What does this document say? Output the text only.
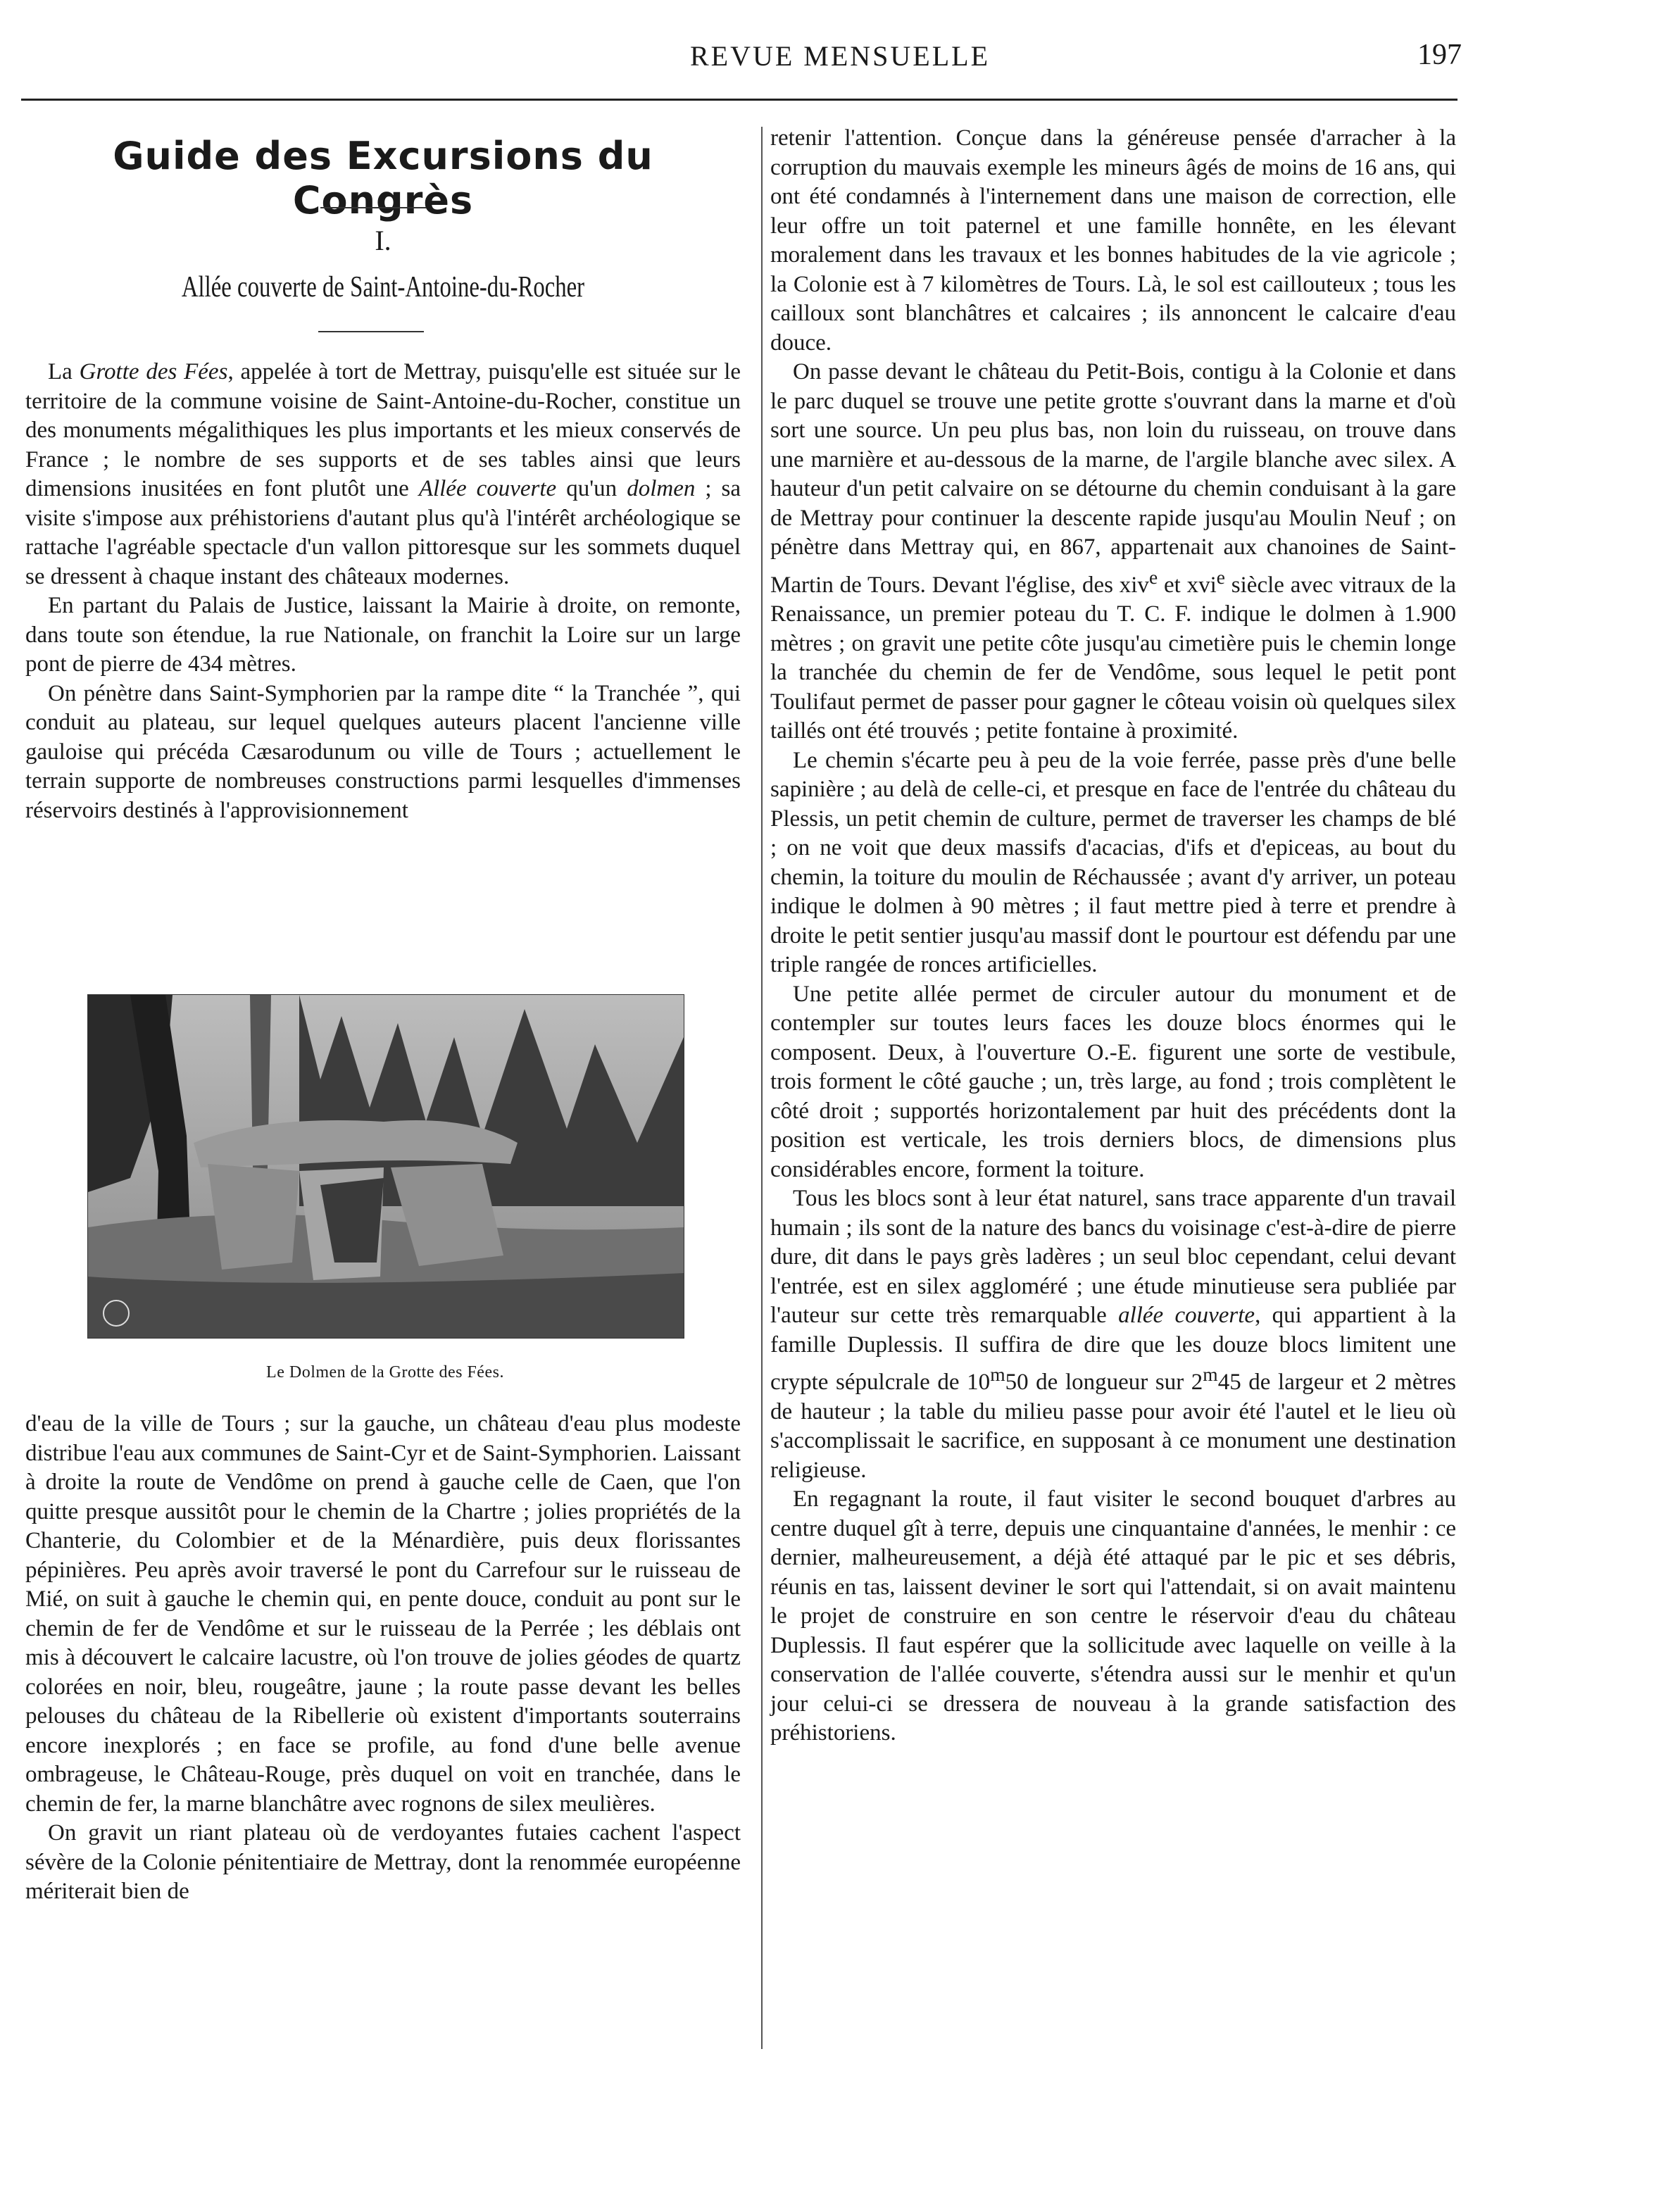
REVUE MENSUELLE	197
Guide des Excursions du Congrès
I.
Allée couverte de Saint-Antoine-du-Rocher

La Grotte des Fées, appelée à tort de Mettray, puisqu'elle est située sur le territoire de la commune voisine de Saint-Antoine-du-Rocher, constitue un des monuments mégalithiques les plus importants et les mieux conservés de France ; le nombre de ses supports et de ses tables ainsi que leurs dimensions inusitées en font plutôt une Allée couverte qu'un dolmen ; sa visite s'impose aux préhistoriens d'autant plus qu'à l'intérêt archéologique se rattache l'agréable spectacle d'un vallon pittoresque sur les sommets duquel se dressent à chaque instant des châteaux modernes.

En partant du Palais de Justice, laissant la Mairie à droite, on remonte, dans toute son étendue, la rue Nationale, on franchit la Loire sur un large pont de pierre de 434 mètres.

On pénètre dans Saint-Symphorien par la rampe dite “ la Tranchée ”, qui conduit au plateau, sur lequel quelques auteurs placent l'ancienne ville gauloise qui précéda Cæsarodunum ou ville de Tours ; actuellement le terrain supporte de nombreuses constructions parmi lesquelles d'immenses réservoirs destinés à l'approvisionnement

Le Dolmen de la Grotte des Fées.

d'eau de la ville de Tours ; sur la gauche, un château d'eau plus modeste distribue l'eau aux communes de Saint-Cyr et de Saint-Symphorien. Laissant à droite la route de Vendôme on prend à gauche celle de Caen, que l'on quitte presque aussitôt pour le chemin de la Chartre ; jolies propriétés de la Chanterie, du Colombier et de la Ménardière, puis deux florissantes pépinières. Peu après avoir traversé le pont du Carrefour sur le ruisseau de Mié, on suit à gauche le chemin qui, en pente douce, conduit au pont sur le chemin de fer de Vendôme et sur le ruisseau de la Perrée ; les déblais ont mis à découvert le calcaire lacustre, où l'on trouve de jolies géodes de quartz colorées en noir, bleu, rougeâtre, jaune ; la route passe devant les belles pelouses du château de la Ribellerie où existent d'importants souterrains encore inexplorés ; en face se profile, au fond d'une belle avenue ombrageuse, le Château-Rouge, près duquel on voit en tranchée, dans le chemin de fer, la marne blanchâtre avec rognons de silex meulières.

On gravit un riant plateau où de verdoyantes futaies cachent l'aspect sévère de la Colonie pénitentiaire de Mettray, dont la renommée européenne mériterait bien de

retenir l'attention. Conçue dans la généreuse pensée d'arracher à la corruption du mauvais exemple les mineurs âgés de moins de 16 ans, qui ont été condamnés à l'internement dans une maison de correction, elle leur offre un toit paternel et une famille honnête, en les élevant moralement dans les travaux et les bonnes habitudes de la vie agricole ; la Colonie est à 7 kilomètres de Tours. Là, le sol est caillouteux ; tous les cailloux sont blanchâtres et calcaires ; ils annoncent le calcaire d'eau douce.

On passe devant le château du Petit-Bois, contigu à la Colonie et dans le parc duquel se trouve une petite grotte s'ouvrant dans la marne et d'où sort une source. Un peu plus bas, non loin du ruisseau, on trouve dans une marnière et au-dessous de la marne, de l'argile blanche avec silex. A hauteur d'un petit calvaire on se détourne du chemin conduisant à la gare de Mettray pour continuer la descente rapide jusqu'au Moulin Neuf ; on pénètre dans Mettray qui, en 867, appartenait aux chanoines de Saint-Martin de Tours. Devant l'église, des xiv$^e$ et xvi$^e$ siècle avec vitraux de la Renaissance, un premier poteau du T. C. F. indique le dolmen à 1.900 mètres ; on gravit une petite côte jusqu'au cimetière puis le chemin longe la tranchée du chemin de fer de Vendôme, sous lequel le petit pont Toulifaut permet de passer pour gagner le côteau voisin où quelques silex taillés ont été trouvés ; petite fontaine à proximité.

Le chemin s'écarte peu à peu de la voie ferrée, passe près d'une belle sapinière ; au delà de celle-ci, et presque en face de l'entrée du château du Plessis, un petit chemin de culture, permet de traverser les champs de blé ; on ne voit que deux massifs d'acacias, d'ifs et d'epiceas, au bout du chemin, la toiture du moulin de Réchaussée ; avant d'y arriver, un poteau indique le dolmen à 90 mètres ; il faut mettre pied à terre et prendre à droite le petit sentier jusqu'au massif dont le pourtour est défendu par une triple rangée de ronces artificielles.

Une petite allée permet de circuler autour du monument et de contempler sur toutes leurs faces les douze blocs énormes qui le composent. Deux, à l'ouverture O.-E. figurent une sorte de vestibule, trois forment le côté gauche ; un, très large, au fond ; trois complètent le côté droit ; supportés horizontalement par huit des précédents dont la position est verticale, les trois derniers blocs, de dimensions plus considérables encore, forment la toiture.

Tous les blocs sont à leur état naturel, sans trace apparente d'un travail humain ; ils sont de la nature des bancs du voisinage c'est-à-dire de pierre dure, dit dans le pays grès ladères ; un seul bloc cependant, celui devant l'entrée, est en silex aggloméré ; une étude minutieuse sera publiée par l'auteur sur cette très remarquable allée couverte, qui appartient à la famille Duplessis. Il suffira de dire que les douze blocs limitent une crypte sépulcrale de 10$^m$50 de longueur sur 2$^m$45 de largeur et 2 mètres de hauteur ; la table du milieu passe pour avoir été l'autel et le lieu où s'accomplissait le sacrifice, en supposant à ce monument une destination religieuse.

En regagnant la route, il faut visiter le second bouquet d'arbres au centre duquel gît à terre, depuis une cinquantaine d'années, le menhir : ce dernier, malheureusement, a déjà été attaqué par le pic et ses débris, réunis en tas, laissent deviner le sort qui l'attendait, si on avait maintenu le projet de construire en son centre le réservoir d'eau du château Duplessis. Il faut espérer que la sollicitude avec laquelle on veille à la conservation de l'allée couverte, s'étendra aussi sur le menhir et qu'un jour celui-ci se dressera de nouveau à la grande satisfaction des préhistoriens.
